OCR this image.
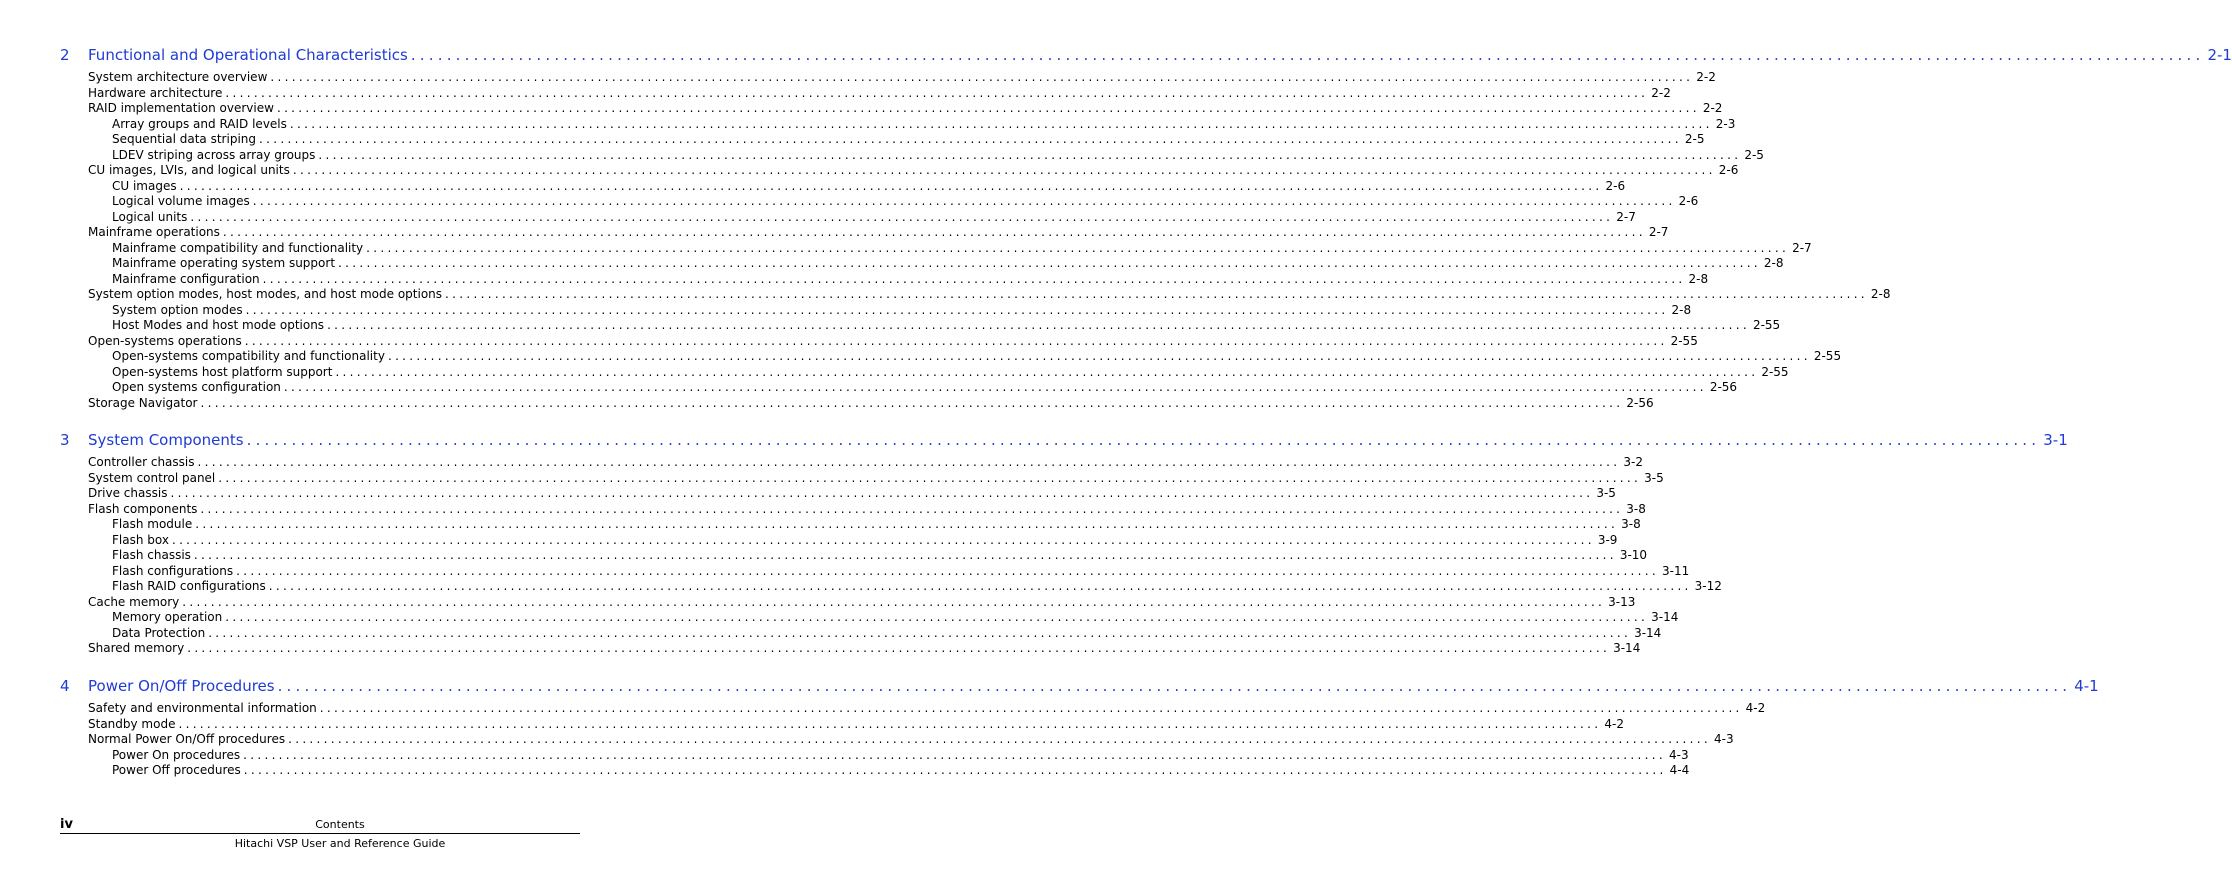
2	Functional and Operational Characteristics ........................................................................................................................................................................................................ 2-1
System architecture overview ........................................................................................................................................................................................................ 2-2
Hardware architecture ........................................................................................................................................................................................................ 2-2
RAID implementation overview ........................................................................................................................................................................................................ 2-2
Array groups and RAID levels ........................................................................................................................................................................................................ 2-3
Sequential data striping ........................................................................................................................................................................................................ 2-5
LDEV striping across array groups ........................................................................................................................................................................................................ 2-5
CU images, LVIs, and logical units ........................................................................................................................................................................................................ 2-6
CU images ........................................................................................................................................................................................................ 2-6
Logical volume images ........................................................................................................................................................................................................ 2-6
Logical units ........................................................................................................................................................................................................ 2-7
Mainframe operations ........................................................................................................................................................................................................ 2-7
Mainframe compatibility and functionality ........................................................................................................................................................................................................ 2-7
Mainframe operating system support ........................................................................................................................................................................................................ 2-8
Mainframe configuration ........................................................................................................................................................................................................ 2-8
System option modes, host modes, and host mode options ........................................................................................................................................................................................................ 2-8
System option modes ........................................................................................................................................................................................................ 2-8
Host Modes and host mode options ........................................................................................................................................................................................................ 2-55
Open-systems operations ........................................................................................................................................................................................................ 2-55
Open-systems compatibility and functionality ........................................................................................................................................................................................................ 2-55
Open-systems host platform support ........................................................................................................................................................................................................ 2-55
Open systems configuration ........................................................................................................................................................................................................ 2-56
Storage Navigator ........................................................................................................................................................................................................ 2-56
3	System Components ........................................................................................................................................................................................................ 3-1
Controller chassis ........................................................................................................................................................................................................ 3-2
System control panel ........................................................................................................................................................................................................ 3-5
Drive chassis ........................................................................................................................................................................................................ 3-5
Flash components ........................................................................................................................................................................................................ 3-8
Flash module ........................................................................................................................................................................................................ 3-8
Flash box ........................................................................................................................................................................................................ 3-9
Flash chassis ........................................................................................................................................................................................................ 3-10
Flash configurations ........................................................................................................................................................................................................ 3-11
Flash RAID configurations ........................................................................................................................................................................................................ 3-12
Cache memory ........................................................................................................................................................................................................ 3-13
Memory operation ........................................................................................................................................................................................................ 3-14
Data Protection ........................................................................................................................................................................................................ 3-14
Shared memory ........................................................................................................................................................................................................ 3-14
4	Power On/Off Procedures ........................................................................................................................................................................................................ 4-1
Safety and environmental information ........................................................................................................................................................................................................ 4-2
Standby mode ........................................................................................................................................................................................................ 4-2
Normal Power On/Off procedures ........................................................................................................................................................................................................ 4-3
Power On procedures ........................................................................................................................................................................................................ 4-3
Power Off procedures ........................................................................................................................................................................................................ 4-4
iv	Contents
Hitachi VSP User and Reference Guide
